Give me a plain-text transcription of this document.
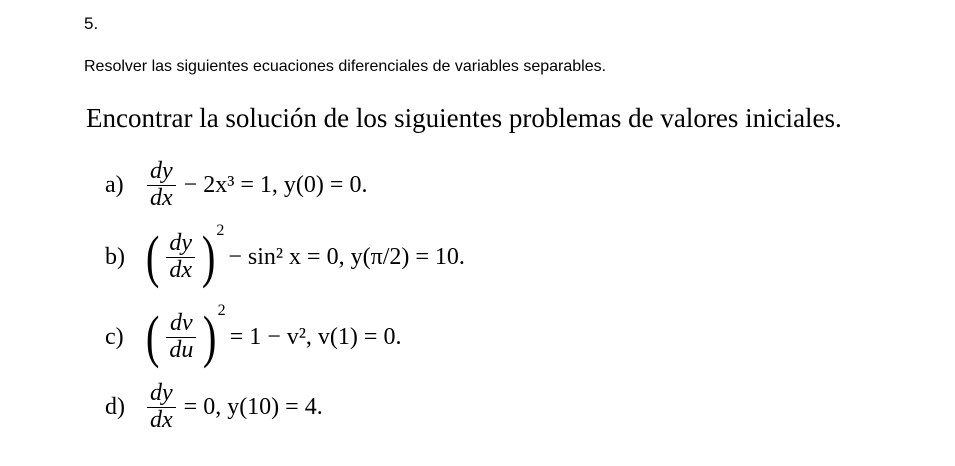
5.
Resolver las siguientes ecuaciones diferenciales de variables separables.
Encontrar la solución de los siguientes problemas de valores iniciales.
$a) \frac{dy}{dx} - 2x^3 = 1$, y(0) = 0.
b) ( $\frac{dy}{dx}$ ) 2
− sin² x = 0, y(π/2) = 10.
c) ( $\frac{dv}{du}$ ) 2
= 1 − v², v(1) = 0.
$d) \frac{dy}{dx} = 0$, y(10) = 4.
